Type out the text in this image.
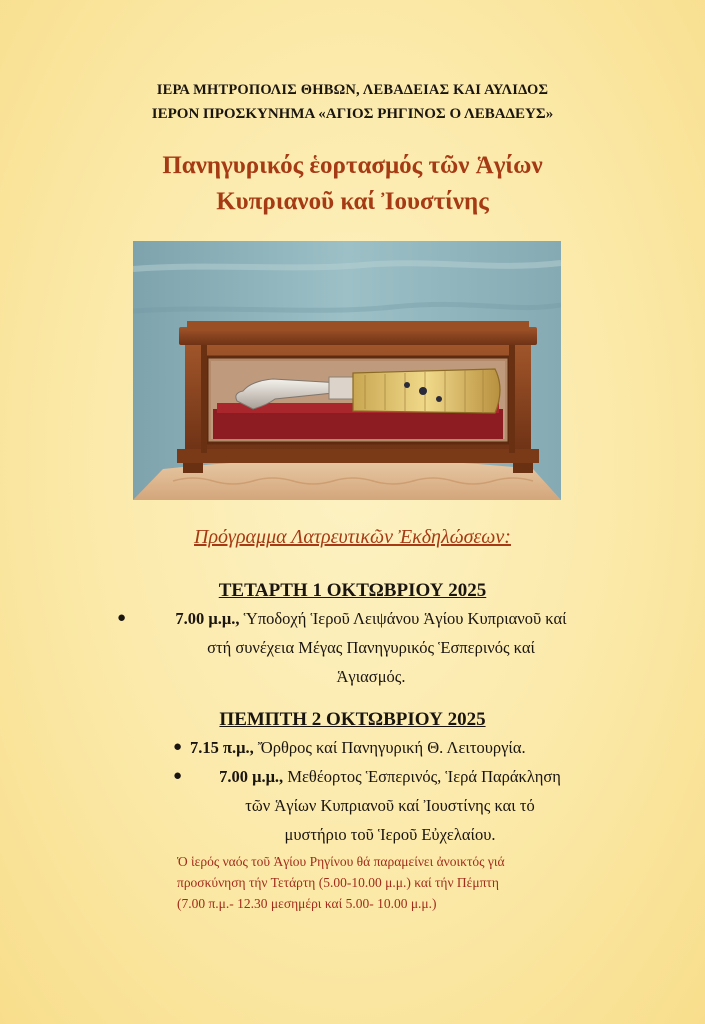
ΙΕΡΑ ΜΗΤΡΟΠΟΛΙΣ ΘΗΒΩΝ, ΛΕΒΑΔΕΙΑΣ ΚΑΙ ΑΥΛΙΔΟΣ
ΙΕΡΟΝ ΠΡΟΣΚΥΝΗΜΑ «ΑΓΙΟΣ ΡΗΓΙΝΟΣ Ο ΛΕΒΑΔΕΥΣ»
Πανηγυρικός ἑορτασμός τῶν Ἁγίων
Κυπριανοῦ καί Ἰουστίνης
Πρόγραμμα Λατρευτικῶν Ἐκδηλώσεων:
ΤΕΤΑΡΤΗ 1 ΟΚΤΩΒΡΙΟΥ 2025
●	7.00 μ.μ., Ὑποδοχή Ἱεροῦ Λειψάνου Ἁγίου Κυπριανοῦ καί
στή συνέχεια Μέγας Πανηγυρικός Ἑσπερινός καί
Ἁγιασμός.
ΠΕΜΠΤΗ 2 ΟΚΤΩΒΡΙΟΥ 2025
● 7.15 π.μ., Ὄρθρος καί Πανηγυρική Θ. Λειτουργία.
●	7.00 μ.μ., Μεθέορτος Ἑσπερινός, Ἱερά Παράκληση
τῶν Ἁγίων Κυπριανοῦ καί Ἰουστίνης και τό
μυστήριο τοῦ Ἱεροῦ Εὐχελαίου.
Ὁ ἱερός ναός τοῦ Ἁγίου Ρηγίνου θά παραμείνει ἀνοικτός γιά
προσκύνηση τήν Τετάρτη (5.00-10.00 μ.μ.) καί τήν Πέμπτη
(7.00 π.μ.- 12.30 μεσημέρι καί 5.00- 10.00 μ.μ.)
